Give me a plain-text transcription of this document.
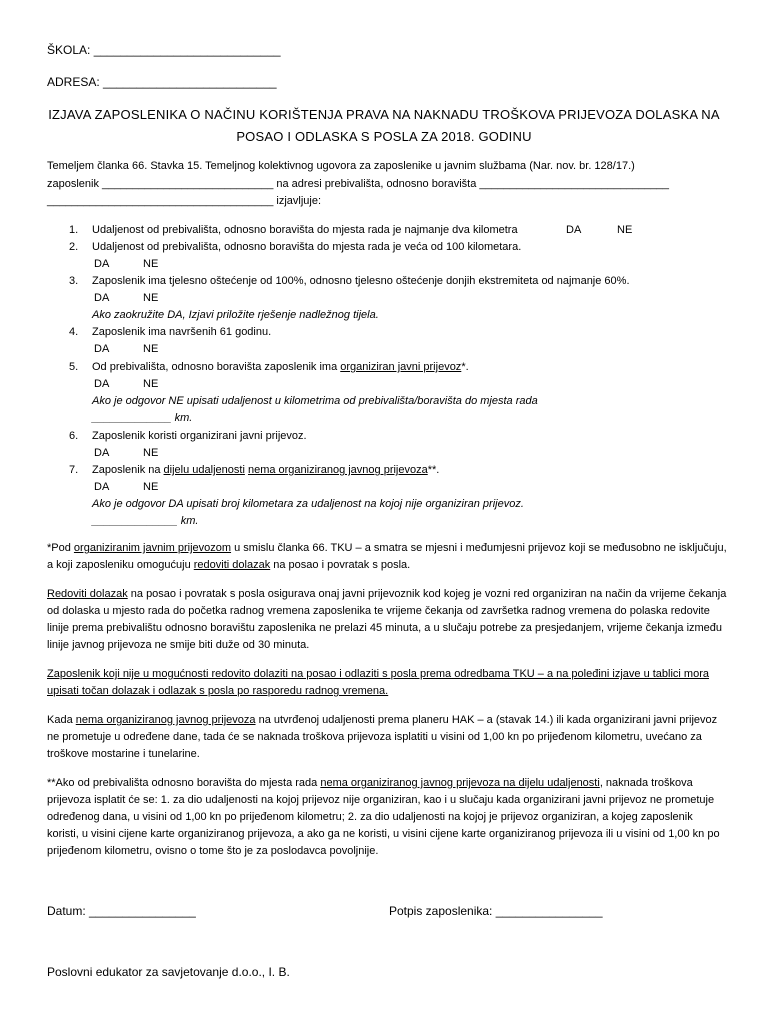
ŠKOLA: ____________________________
ADRESA: __________________________
IZJAVA ZAPOSLENIKA O NAČINU KORIŠTENJA PRAVA NA NAKNADU TROŠKOVA PRIJEVOZA DOLASKA NA
POSAO I ODLASKA S POSLA ZA 2018. GODINU
Temeljem članka 66. Stavka 15. Temeljnog kolektivnog ugovora za zaposlenike u javnim službama (Nar. nov. br. 128/17.)
zaposlenik ____________________________ na adresi prebivališta, odnosno boravišta _______________________________
_____________________________________ izjavljuje:
1. Udaljenost od prebivališta, odnosno boravišta do mjesta rada je najmanje dva kilometra	DA	NE
2. Udaljenost od prebivališta, odnosno boravišta do mjesta rada je veća od 100 kilometara.
DA	NE
3. Zaposlenik ima tjelesno oštećenje od 100%, odnosno tjelesno oštećenje donjih ekstremiteta od najmanje 60%.
DA	NE
Ako zaokružite DA, Izjavi priložite rješenje nadležnog tijela.
4. Zaposlenik ima navršenih 61 godinu.
DA	NE
5. Od prebivališta, odnosno boravišta zaposlenik ima organiziran javni prijevoz*.
DA	NE
Ako je odgovor NE upisati udaljenost u kilometrima od prebivališta/boravišta do mjesta rada
_____________ km.
6. Zaposlenik koristi organizirani javni prijevoz.
DA	NE
7. Zaposlenik na dijelu udaljenosti nema organiziranog javnog prijevoza**.
DA	NE
Ako je odgovor DA upisati broj kilometara za udaljenost na kojoj nije organiziran prijevoz.
______________ km.
*Pod organiziranim javnim prijevozom u smislu članka 66. TKU – a smatra se mjesni i međumjesni prijevoz koji se međusobno ne isključuju, a koji zaposleniku omogućuju redoviti dolazak na posao i povratak s posla.
Redoviti dolazak na posao i povratak s posla osigurava onaj javni prijevoznik kod kojeg je vozni red organiziran na način da vrijeme čekanja od dolaska u mjesto rada do početka radnog vremena zaposlenika te vrijeme čekanja od završetka radnog vremena do polaska redovite linije prema prebivalištu odnosno boravištu zaposlenika ne prelazi 45 minuta, a u slučaju potrebe za presjedanjem, vrijeme čekanja između linije javnog prijevoza ne smije biti duže od 30 minuta.
Zaposlenik koji nije u mogućnosti redovito dolaziti na posao i odlaziti s posla prema odredbama TKU – a na poleđini izjave u tablici mora upisati točan dolazak i odlazak s posla po rasporedu radnog vremena.
Kada nema organiziranog javnog prijevoza na utvrđenoj udaljenosti prema planeru HAK – a (stavak 14.) ili kada organizirani javni prijevoz ne prometuje u određene dane, tada će se naknada troškova prijevoza isplatiti u visini od 1,00 kn po prijeđenom kilometru, uvećano za troškove mostarine i tunelarine.
**Ako od prebivališta odnosno boravišta do mjesta rada nema organiziranog javnog prijevoza na dijelu udaljenosti, naknada troškova prijevoza isplatit će se: 1. za dio udaljenosti na kojoj prijevoz nije organiziran, kao i u slučaju kada organizirani javni prijevoz ne prometuje određenog dana, u visini od 1,00 kn po prijeđenom kilometru; 2. za dio udaljenosti na kojoj je prijevoz organiziran, a kojeg zaposlenik koristi, u visini cijene karte organiziranog prijevoza, a ako ga ne koristi, u visini cijene karte organiziranog prijevoza ili u visini od 1,00 kn po prijeđenom kilometru, ovisno o tome što je za poslodavca povoljnije.
Datum: ________________	Potpis zaposlenika: ________________
Poslovni edukator za savjetovanje d.o.o., I. B.
